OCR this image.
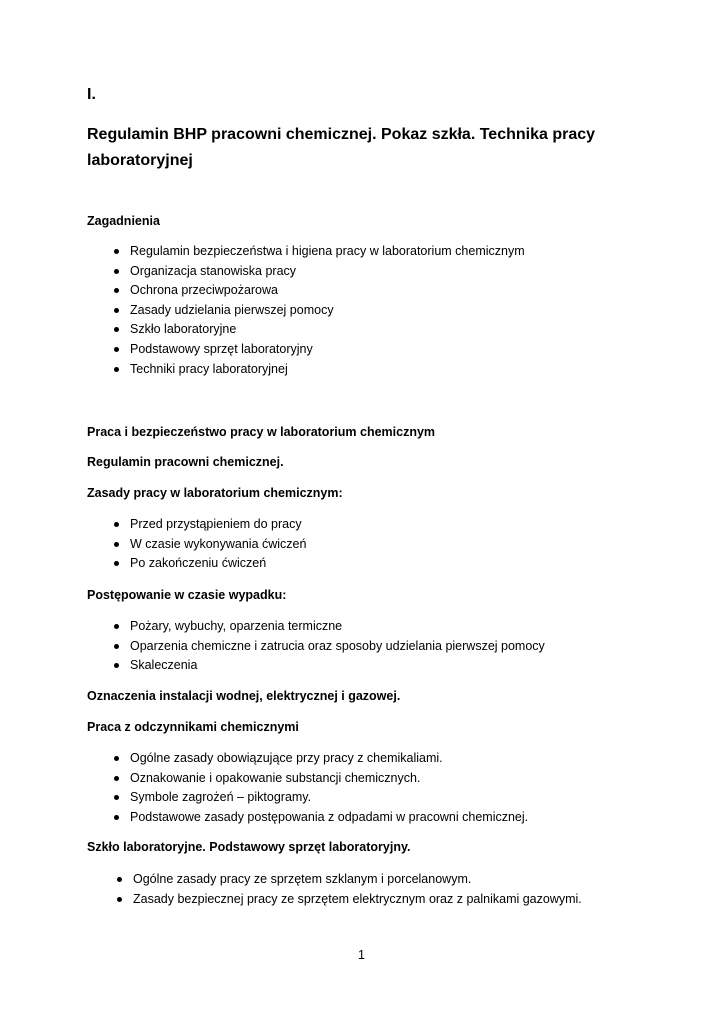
I.
Regulamin BHP pracowni chemicznej. Pokaz szkła. Technika pracy laboratoryjnej
Zagadnienia
Regulamin bezpieczeństwa i higiena pracy w laboratorium chemicznym
Organizacja stanowiska pracy
Ochrona przeciwpożarowa
Zasady udzielania pierwszej pomocy
Szkło laboratoryjne
Podstawowy sprzęt laboratoryjny
Techniki pracy laboratoryjnej
Praca i bezpieczeństwo pracy w laboratorium chemicznym
Regulamin pracowni chemicznej.
Zasady pracy w laboratorium chemicznym:
Przed przystąpieniem do pracy
W czasie wykonywania ćwiczeń
Po zakończeniu ćwiczeń
Postępowanie w czasie wypadku:
Pożary, wybuchy, oparzenia termiczne
Oparzenia chemiczne i zatrucia oraz sposoby udzielania pierwszej pomocy
Skaleczenia
Oznaczenia instalacji wodnej, elektrycznej i gazowej.
Praca z odczynnikami chemicznymi
Ogólne zasady obowiązujące przy pracy z chemikaliami.
Oznakowanie i opakowanie substancji chemicznych.
Symbole zagrożeń – piktogramy.
Podstawowe zasady postępowania z odpadami w pracowni chemicznej.
Szkło laboratoryjne. Podstawowy sprzęt laboratoryjny.
Ogólne zasady pracy ze sprzętem szklanym i porcelanowym.
Zasady bezpiecznej pracy ze sprzętem elektrycznym oraz z palnikami gazowymi.
1
